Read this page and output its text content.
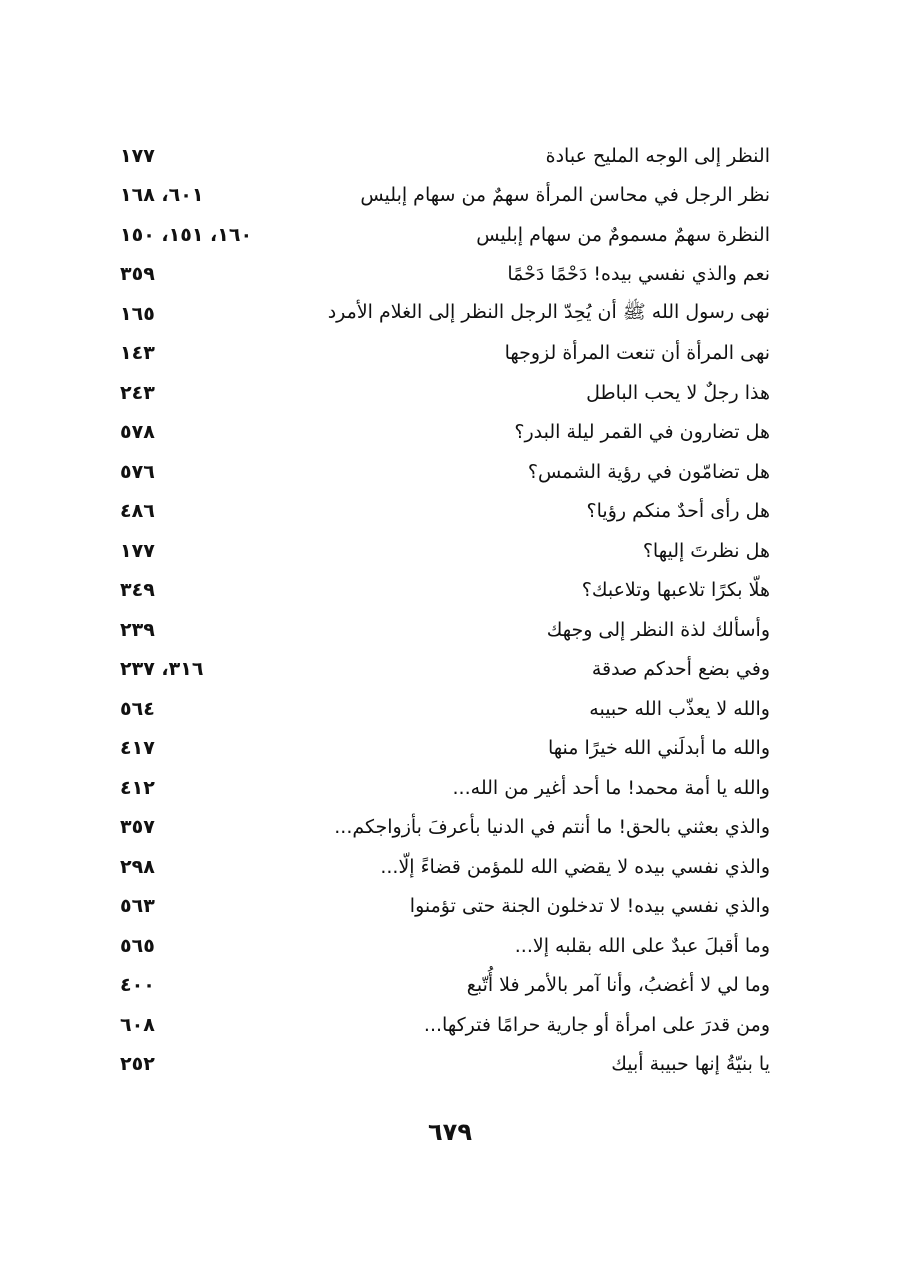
١٧٧	النظر إلى الوجه المليح عبادة
٦٠١، ١٦٨	نظر الرجل في محاسن المرأة سهمٌ من سهام إبليس
١٦٠، ١٥١، ١٥٠	النظرة سهمٌ مسمومٌ من سهام إبليس
٣٥٩	نعم والذي نفسي بيده! دَحْمًا دَحْمًا
١٦٥	نهى رسول الله ﷺ أن يُحِدّ الرجل النظر إلى الغلام الأمرد
١٤٣	نهى المرأة أن تنعت المرأة لزوجها
٢٤٣	هذا رجلٌ لا يحب الباطل
٥٧٨	هل تضارون في القمر ليلة البدر؟
٥٧٦	هل تضامّون في رؤية الشمس؟
٤٨٦	هل رأى أحدٌ منكم رؤيا؟
١٧٧	هل نظرتَ إليها؟
٣٤٩	هلّا بكرًا تلاعبها وتلاعبك؟
٢٣٩	وأسألك لذة النظر إلى وجهك
٣١٦، ٢٣٧	وفي بضع أحدكم صدقة
٥٦٤	والله لا يعذّب الله حبيبه
٤١٧	والله ما أبدلَني الله خيرًا منها
٤١٢	والله يا أمة محمد! ما أحد أغير من الله...
٣٥٧	والذي بعثني بالحق! ما أنتم في الدنيا بأعرفَ بأزواجكم...
٢٩٨	والذي نفسي بيده لا يقضي الله للمؤمن قضاءً إلّا...
٥٦٣	والذي نفسي بيده! لا تدخلون الجنة حتى تؤمنوا
٥٦٥	وما أقبلَ عبدٌ على الله بقلبه إلا...
٤٠٠	وما لي لا أغضبُ، وأنا آمر بالأمر فلا أُتّبع
٦٠٨	ومن قدرَ على امرأة أو جارية حرامًا فتركها...
٢٥٢	يا بنيّةُ إنها حبيبة أبيك
٦٧٩
